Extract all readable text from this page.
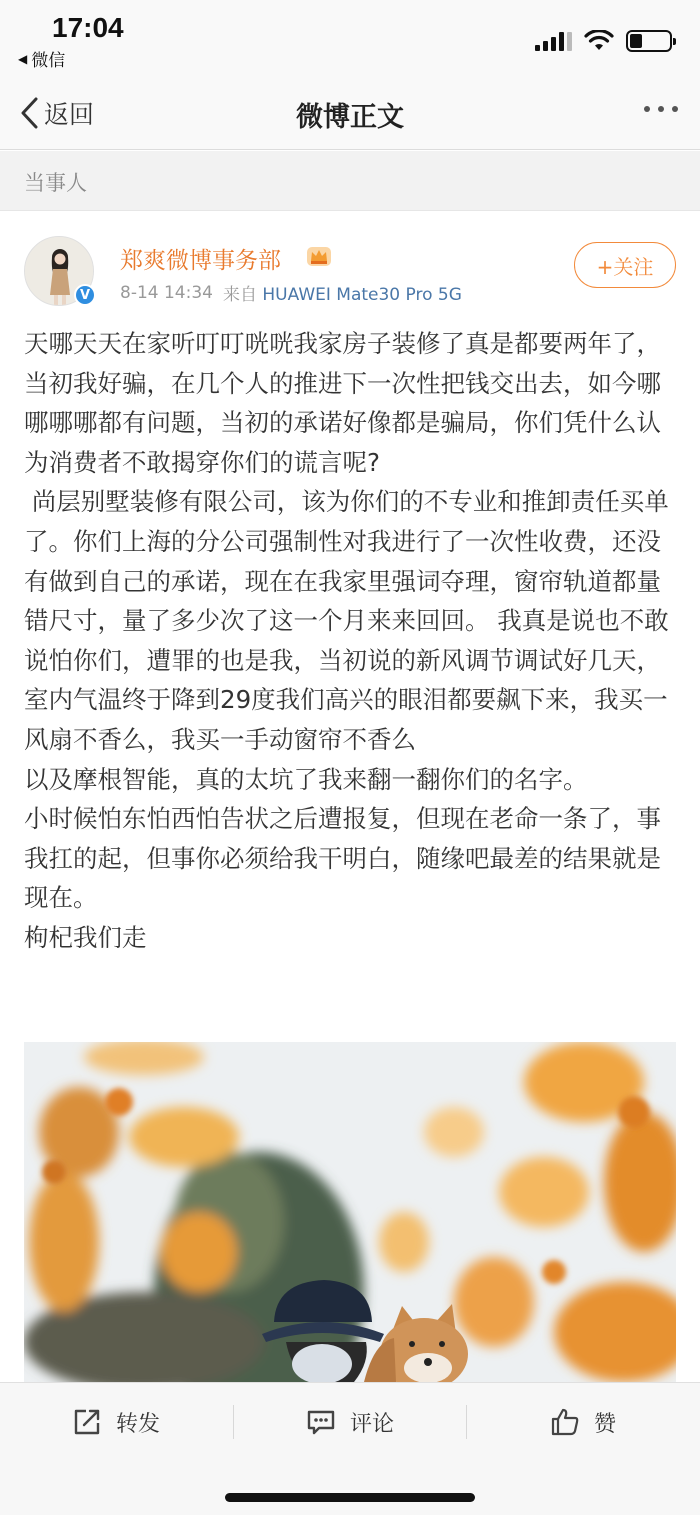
17:04
◀ 微信
返回	微博正文
当事人
V
郑爽微博事务部
8-14 14:34 来自 HUAWEI Mate30 Pro 5G
+关注
天哪天天在家听叮叮咣咣我家房子装修了真是都要两年了，当初我好骗，在几个人的推进下一次性把钱交出去，如今哪哪哪哪都有问题，当初的承诺好像都是骗局，你们凭什么认为消费者不敢揭穿你们的谎言呢?
尚层别墅装修有限公司，该为你们的不专业和推卸责任买单了。你们上海的分公司强制性对我进行了一次性收费，还没有做到自己的承诺，现在在我家里强词夺理，窗帘轨道都量错尺寸，量了多少次了这一个月来来回回。 我真是说也不敢说怕你们，遭罪的也是我，当初说的新风调节调试好几天，室内气温终于降到29度我们高兴的眼泪都要飙下来，我买一风扇不香么，我买一手动窗帘不香么
以及摩根智能，真的太坑了我来翻一翻你们的名字。
小时候怕东怕西怕告状之后遭报复，但现在老命一条了，事我扛的起，但事你必须给我干明白，随缘吧最差的结果就是现在。
枸杞我们走
转发	评论	赞
